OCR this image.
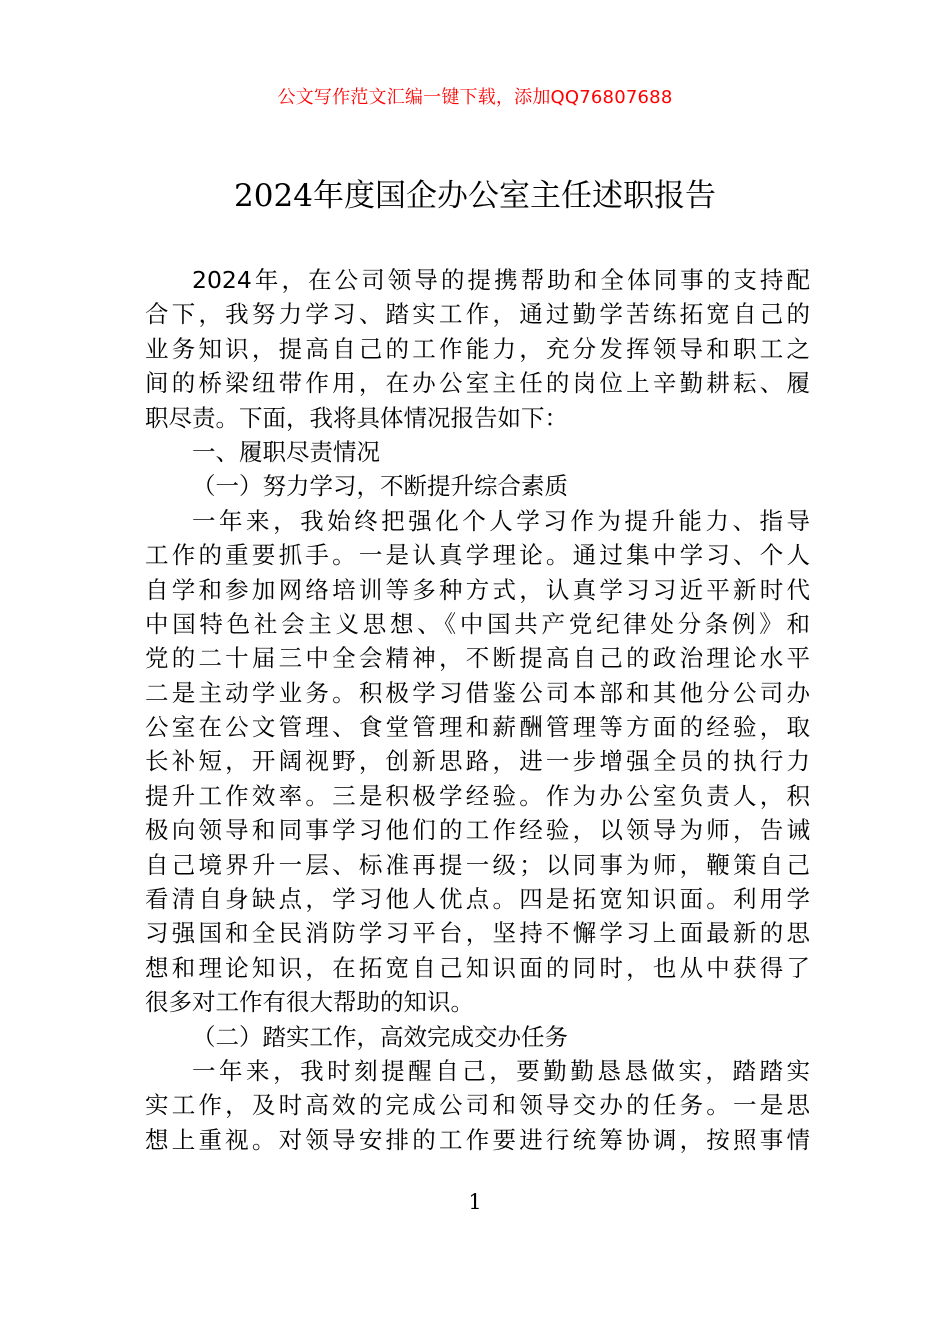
公文写作范文汇编一键下载，添加QQ76807688
2024年度国企办公室主任述职报告
2024年，在公司领导的提携帮助和全体同事的支持配
合下，我努力学习、踏实工作，通过勤学苦练拓宽自己的
业务知识，提高自己的工作能力，充分发挥领导和职工之
间的桥梁纽带作用，在办公室主任的岗位上辛勤耕耘、履
职尽责。下面，我将具体情况报告如下：
一、履职尽责情况
（一）努力学习，不断提升综合素质
一年来，我始终把强化个人学习作为提升能力、指导
工作的重要抓手。一是认真学理论。通过集中学习、个人
自学和参加网络培训等多种方式，认真学习习近平新时代
中国特色社会主义思想、《中国共产党纪律处分条例》和
党的二十届三中全会精神，不断提高自己的政治理论水平
二是主动学业务。积极学习借鉴公司本部和其他分公司办
公室在公文管理、食堂管理和薪酬管理等方面的经验，取
长补短，开阔视野，创新思路，进一步增强全员的执行力
提升工作效率。三是积极学经验。作为办公室负责人，积
极向领导和同事学习他们的工作经验，以领导为师，告诫
自己境界升一层、标准再提一级；以同事为师，鞭策自己
看清自身缺点，学习他人优点。四是拓宽知识面。利用学
习强国和全民消防学习平台，坚持不懈学习上面最新的思
想和理论知识，在拓宽自己知识面的同时，也从中获得了
很多对工作有很大帮助的知识。
（二）踏实工作，高效完成交办任务
一年来，我时刻提醒自己，要勤勤恳恳做实，踏踏实
实工作，及时高效的完成公司和领导交办的任务。一是思
想上重视。对领导安排的工作要进行统筹协调，按照事情
1
